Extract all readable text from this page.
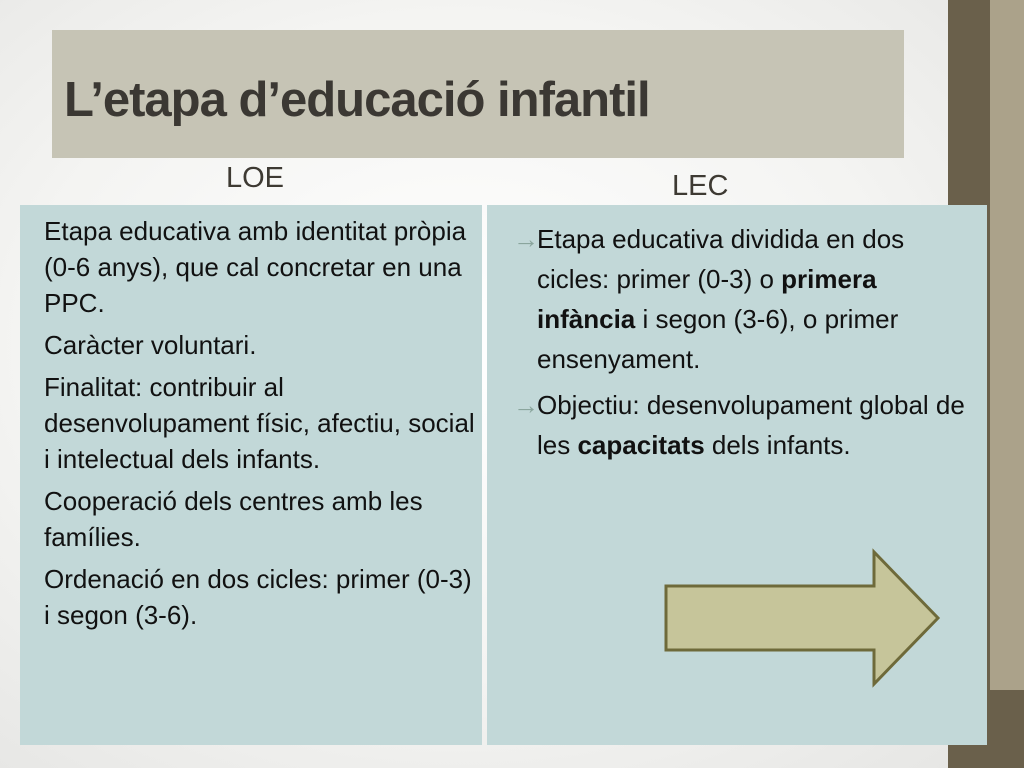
L’etapa d’educació infantil
LOE	LEC

Etapa educativa amb identitat pròpia (0-6 anys), que cal concretar en una PPC.

Caràcter voluntari.

Finalitat: contribuir al desenvolupament físic, afectiu, social i intelectual dels infants.

Cooperació dels centres amb les famílies.

Ordenació en dos cicles: primer (0-3) i segon (3-6).

→

Etapa educativa dividida en dos cicles: primer (0-3) o primera infància i segon (3-6), o primer ensenyament.

→

Objectiu: desenvolupament global de les capacitats dels infants.
